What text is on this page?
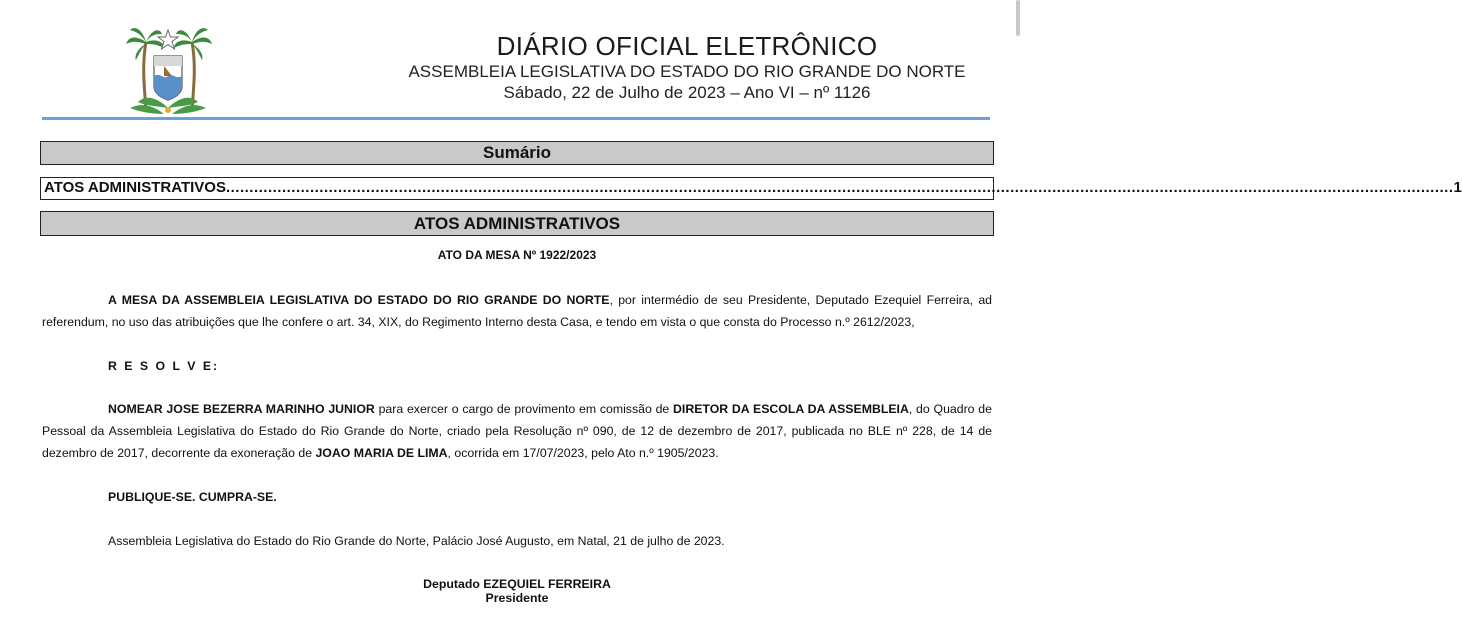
DIÁRIO OFICIAL ELETRÔNICO
ASSEMBLEIA LEGISLATIVA DO ESTADO DO RIO GRANDE DO NORTE
Sábado, 22 de Julho de 2023 – Ano VI – nº 1126
Sumário
ATOS ADMINISTRATIVOS ....................................................................................................................................................................................................................................................................... 1
ATOS ADMINISTRATIVOS
ATO DA MESA Nº 1922/2023
A MESA DA ASSEMBLEIA LEGISLATIVA DO ESTADO DO RIO GRANDE DO NORTE, por intermédio de seu Presidente, Deputado Ezequiel Ferreira, ad referendum, no uso das atribuições que lhe confere o art. 34, XIX, do Regimento Interno desta Casa, e tendo em vista o que consta do Processo n.º 2612/2023,
R E S O L V E:
NOMEAR JOSE BEZERRA MARINHO JUNIOR para exercer o cargo de provimento em comissão de DIRETOR DA ESCOLA DA ASSEMBLEIA, do Quadro de Pessoal da Assembleia Legislativa do Estado do Rio Grande do Norte, criado pela Resolução nº 090, de 12 de dezembro de 2017, publicada no BLE nº 228, de 14 de dezembro de 2017, decorrente da exoneração de JOAO MARIA DE LIMA, ocorrida em 17/07/2023, pelo Ato n.º 1905/2023.
PUBLIQUE-SE. CUMPRA-SE.
Assembleia Legislativa do Estado do Rio Grande do Norte, Palácio José Augusto, em Natal, 21 de julho de 2023.
Deputado EZEQUIEL FERREIRA
Presidente
